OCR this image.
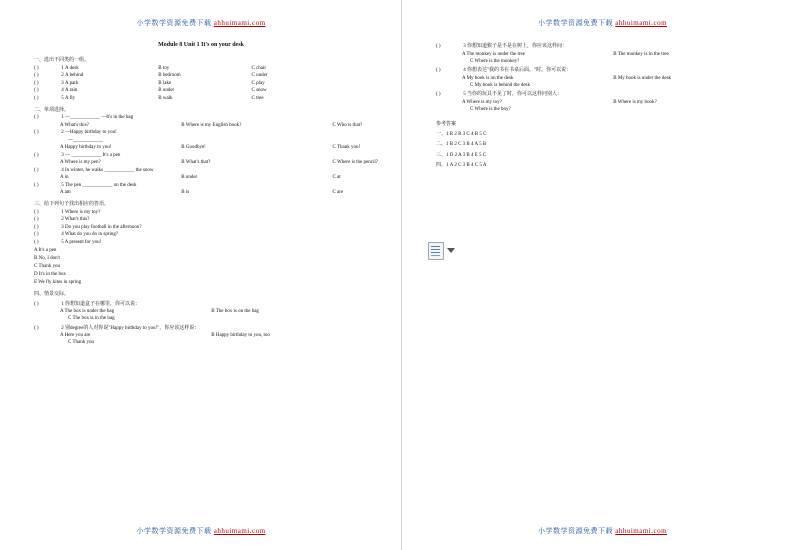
小学数学资源免费下载 ahhuimami.com
Module 8 Unit 1 It's on your desk
一、选出不同类的一组。
( )	1 A desk	B toy	C chair
( )	2 A behind	B bedroom	C under
( )	3 A park	B lake	C play
( )	4 A rain	B under	C snow
( )	5 A fly	B walk	C tree
二、单项选择。
( )	1 —____________ —It's in the bag
A What's this?	B Where is my English book?	C Who is that?
( )	2 —Happy birthday to you!
—____________
A Happy birthday to you!	B Goodbye!	C Thank you!
( )	3 — ____________ It's a pen
A Where is my pen?	B What's that?	C Where is the pencil?
( )	4 In winter, he walks ____________ the snow
A in	B under	C at
( )	5 The pen ____________ on the desk
A am	B is	C are
三、给下列句子找出相应的答语。
( )	1 Where is my toy?
( )	2 What's this?
( )	3 Do you play football in the afternoon?
( )	4 What do you do in spring?
( )	5 A present for you!
A It's a pen
B No, I don't
C Thank you
D It's in the box
E We fly kites in spring
四、情景交际。
( )	1 你想知道盒子在哪里，你可以说：
A The box is under the bag	B The box is on the bag
C The box is in the bag
( )	2 别degree的人对你说"Happy birthday to you!"，你应该这样说：
A Here you are	B Happy birthday to you, too
C Thank you
小学数学资源免费下载 ahhuimami.com
小学数学资源免费下载 ahhuimami.com
( )	3 你想知道猴子是不是在树上，你应该这样问：
A The monkey is under the tree	B The monkey is in the tree
C Where is the monkey?
( )	4 你想表达"我的书在书桌后面。"时，你可以说：
A My book is on the desk	B My book is under the desk
C My book is behind the desk
( )	5 当你的玩具不见了时，你可以这样问别人：
A Where is my toy?	B Where is my book?
C Where is the boy?
参考答案
一、1 B 2 B 3 C 4 B 5 C
二、1 B 2 C 3 B 4 A 5 B
三、1 D 2 A 3 B 4 E 5 C
四、1 A 2 C 3 B 4 C 5 A
小学数学资源免费下载 ahhuimami.com
